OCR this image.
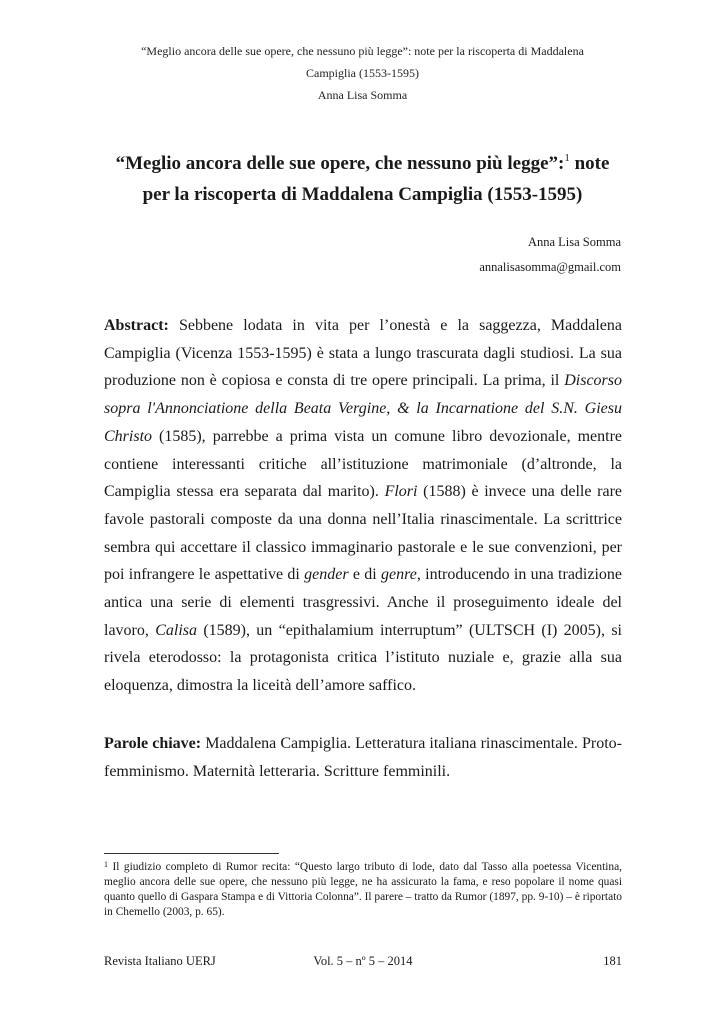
“Meglio ancora delle sue opere, che nessuno più legge”: note per la riscoperta di Maddalena
Campiglia (1553-1595)
Anna Lisa Somma
“Meglio ancora delle sue opere, che nessuno più legge”:$^1$ note
per la riscoperta di Maddalena Campiglia (1553-1595)
Anna Lisa Somma
annalisasomma@gmail.com

Abstract: Sebbene lodata in vita per l’onestà e la saggezza, Maddalena Campiglia (Vicenza 1553-1595) è stata a lungo trascurata dagli studiosi. La sua produzione non è copiosa e consta di tre opere principali. La prima, il Discorso sopra l'Annonciatione della Beata Vergine, & la Incarnatione del S.N. Giesu Christo (1585), parrebbe a prima vista un comune libro devozionale, mentre contiene interessanti critiche all’istituzione matrimoniale (d’altronde, la Campiglia stessa era separata dal marito). Flori (1588) è invece una delle rare favole pastorali composte da una donna nell’Italia rinascimentale. La scrittrice sembra qui accettare il classico immaginario pastorale e le sue convenzioni, per poi infrangere le aspettative di gender e di genre, introducendo in una tradizione antica una serie di elementi trasgressivi. Anche il proseguimento ideale del lavoro, Calisa (1589), un “epithalamium interruptum” (ULTSCH (I) 2005), si rivela eterodosso: la protagonista critica l’istituto nuziale e, grazie alla sua eloquenza, dimostra la liceità dell’amore saffico.

Parole chiave: Maddalena Campiglia. Letteratura italiana rinascimentale. Proto-femminismo. Maternità letteraria. Scritture femminili.

$^1$ Il giudizio completo di Rumor recita: “Questo largo tributo di lode, dato dal Tasso alla poetessa Vicentina, meglio ancora delle sue opere, che nessuno più legge, ne ha assicurato la fama, e reso popolare il nome quasi quanto quello di Gaspara Stampa e di Vittoria Colonna”. Il parere – tratto da Rumor (1897, pp. 9-10) – è riportato in Chemello (2003, p. 65).

Revista Italiano UERJ	Vol. 5 – nº 5 – 2014	181
